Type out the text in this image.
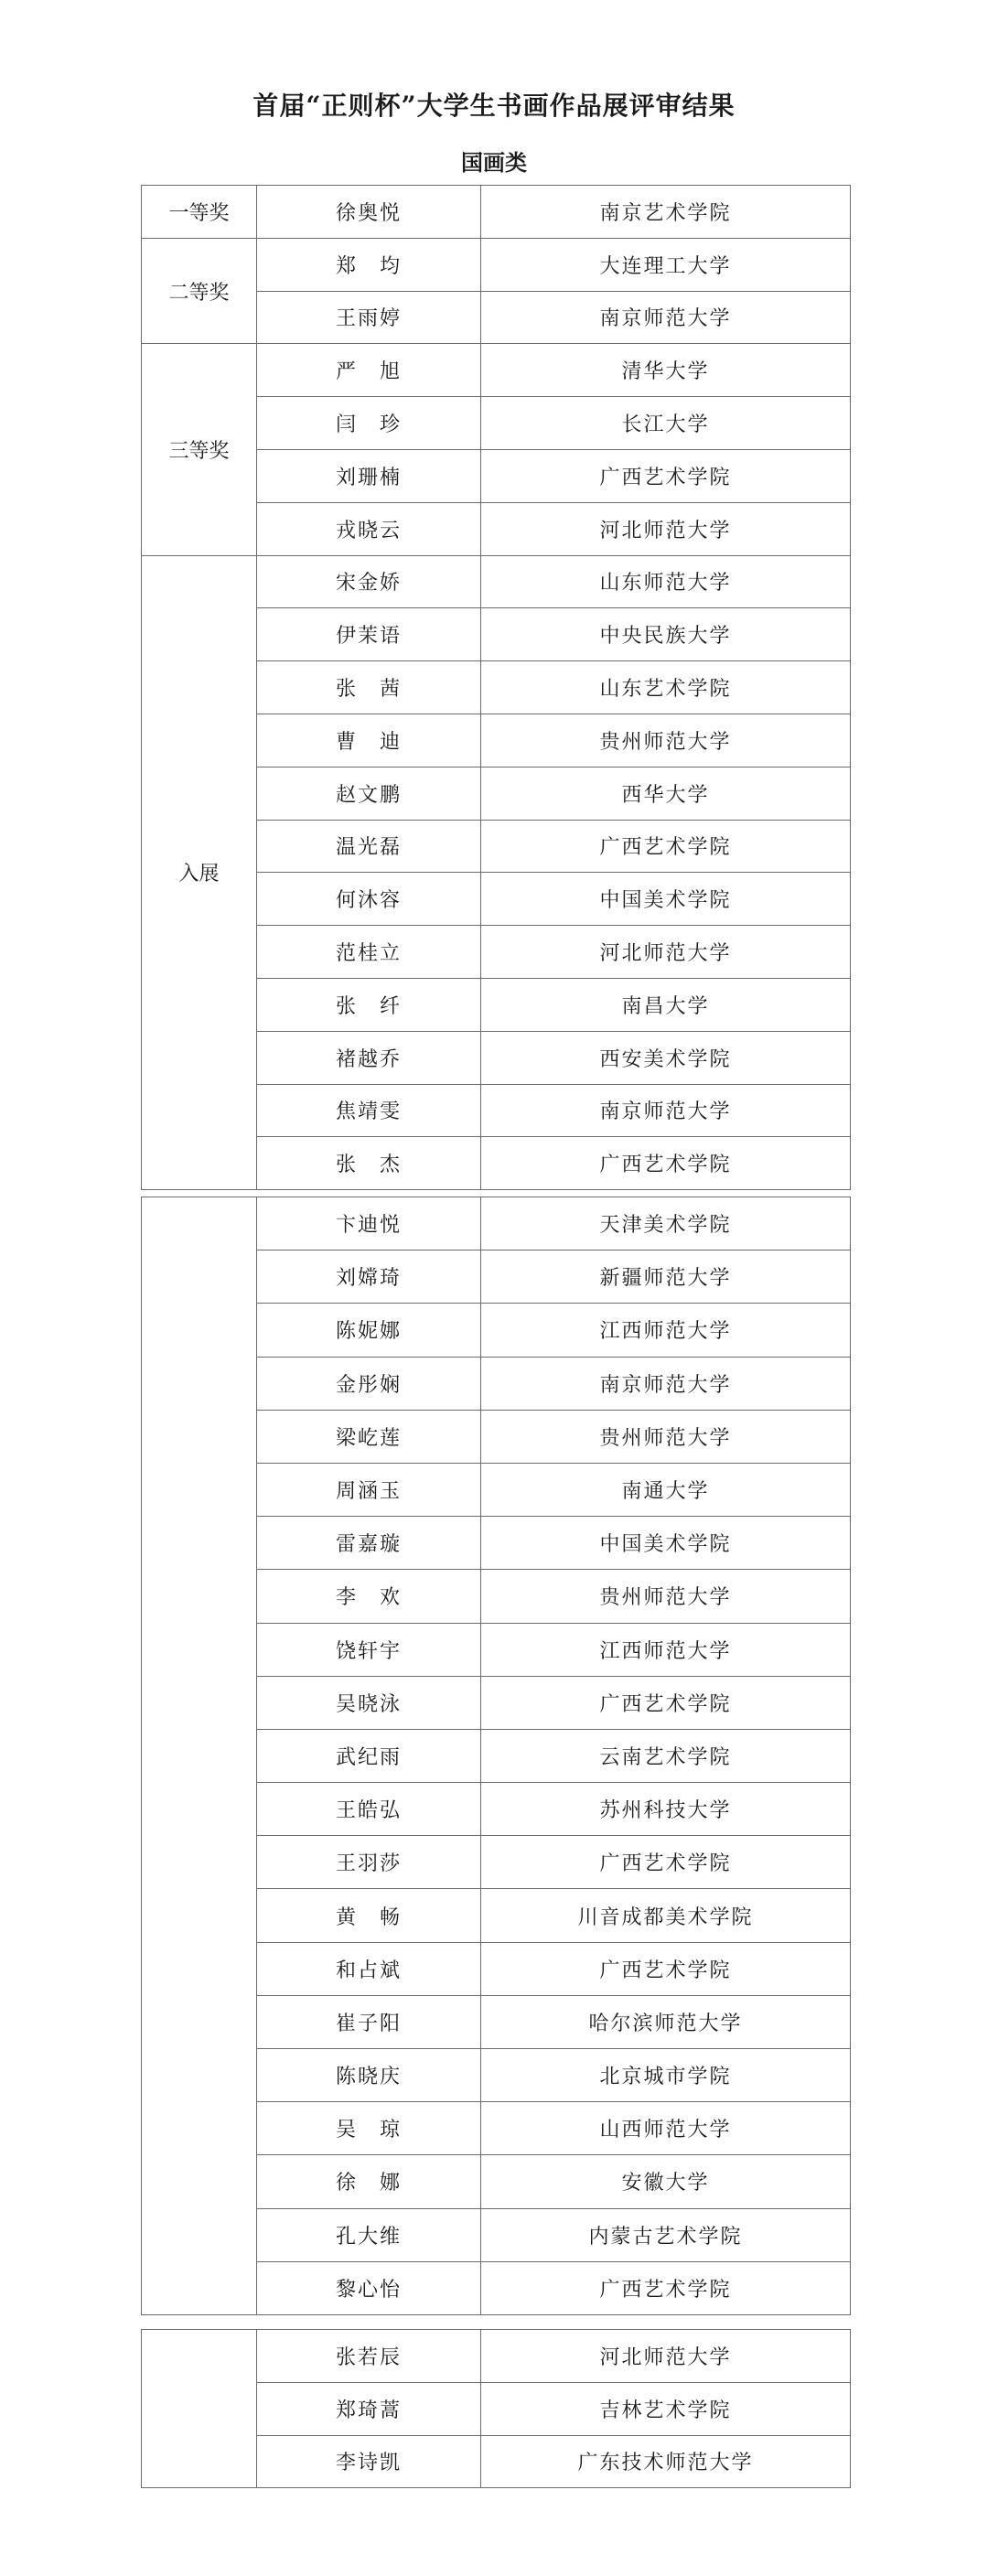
首届“正则杯”大学生书画作品展评审结果
国画类
一等奖	徐奥悦	南京艺术学院
二等奖	郑　均	大连理工大学
	王雨婷	南京师范大学
三等奖	严　旭	清华大学
	闫　珍	长江大学
	刘珊楠	广西艺术学院
	戎晓云	河北师范大学
入展	宋金娇	山东师范大学
	伊茉语	中央民族大学
	张　茜	山东艺术学院
	曹　迪	贵州师范大学
	赵文鹏	西华大学
	温光磊	广西艺术学院
	何沐容	中国美术学院
	范桂立	河北师范大学
	张　纤	南昌大学
	褚越乔	西安美术学院
	焦靖雯	南京师范大学
	张　杰	广西艺术学院
	卞迪悦	天津美术学院
	刘嫦琦	新疆师范大学
	陈妮娜	江西师范大学
	金彤娴	南京师范大学
	梁屹莲	贵州师范大学
	周涵玉	南通大学
	雷嘉璇	中国美术学院
	李　欢	贵州师范大学
	饶轩宇	江西师范大学
	吴晓泳	广西艺术学院
	武纪雨	云南艺术学院
	王皓弘	苏州科技大学
	王羽莎	广西艺术学院
	黄　畅	川音成都美术学院
	和占斌	广西艺术学院
	崔子阳	哈尔滨师范大学
	陈晓庆	北京城市学院
	吴　琼	山西师范大学
	徐　娜	安徽大学
	孔大维	内蒙古艺术学院
	黎心怡	广西艺术学院
	张若辰	河北师范大学
	郑琦蒿	吉林艺术学院
	李诗凯	广东技术师范大学
